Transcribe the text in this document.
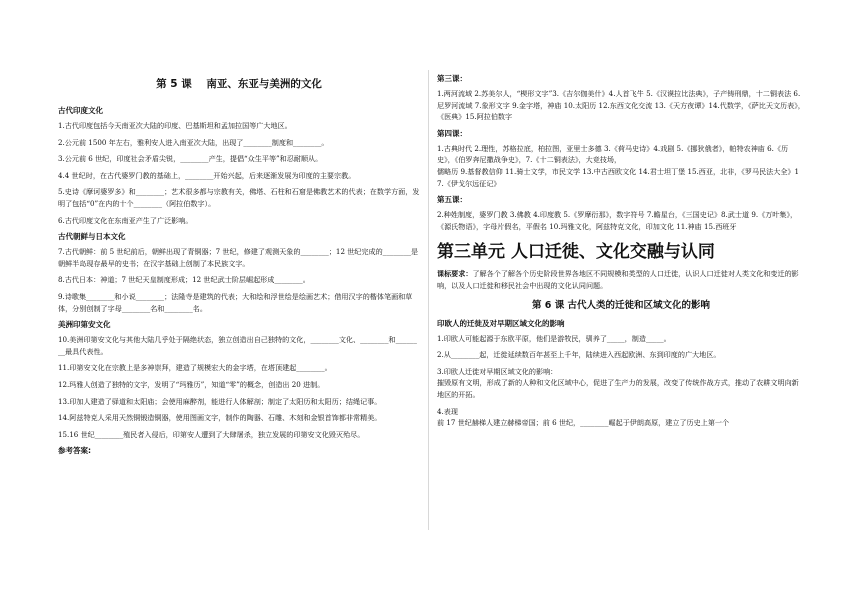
第 5 课    南亚、东亚与美洲的文化
古代印度文化
1.古代印度包括今天南亚次大陆的印度、巴基斯坦和孟加拉国等广大地区。
2.公元前 1500 年左右，雅利安人进入南亚次大陆，出现了________制度和________。
3.公元前 6 世纪，印度社会矛盾尖锐，________产生，提倡“众生平等”和忍耐顺从。
4.4 世纪时，在古代婆罗门教的基础上，________开始兴起，后来逐渐发展为印度的主要宗教。
5.史诗《摩诃婆罗多》和________；艺术很多都与宗教有关，佛塔、石柱和石窟是佛教艺术的代表；在数学方面，发明了包括“0”在内的十个________（阿拉伯数字）。
6.古代印度文化在东南亚产生了广泛影响。
古代朝鲜与日本文化
7.古代朝鲜：前 5 世纪前后，朝鲜出现了青铜器；7 世纪，修建了观测天象的________；12 世纪完成的________是朝鲜半岛现存最早的史书；在汉字基础上创制了本民族文字。
8.古代日本：神道；7 世纪天皇制度形成；12 世纪武士阶层崛起形成________。
9.诗歌集________和小说________；法隆寺是建筑的代表；大和绘和浮世绘是绘画艺术；借用汉字的楷体笔画和草体，分别创制了字母________名和________名。
美洲印第安文化
10.美洲印第安文化与其他大陆几乎处于隔绝状态，独立创造出自己独特的文化，________文化、________和________最具代表性。
11.印第安文化在宗教上是多神崇拜，建造了规模宏大的金字塔，在塔顶建起________。
12.玛雅人创造了独特的文字，发明了“玛雅历”，知道“零”的概念，创造出 20 进制。
13.印加人建造了驿道和太阳庙；会使用麻醉剂，能进行人体解剖；制定了太阳历和太阳历；结绳记事。
14.阿兹特克人采用天然铜锻造铜器，使用图画文字，制作的陶器、石雕、木刻和金银首饰都非常精美。
15.16 世纪________殖民者入侵后，印第安人遭到了大肆屠杀，独立发展的印第安文化毁灭殆尽。
参考答案:
第三课：
1.两河流域 2.苏美尔人，“楔形文字”3.《吉尔伽美什》4.人首飞牛 5.《汉谟拉比法典》，子产铸刑鼎，十二铜表法 6.尼罗河流域 7.象形文字 9.金字塔，神庙 10.太阳历 12.东西文化交流 13.《天方夜谭》14.代数学，《萨比天文历表》，《医典》15.阿拉伯数字
第四课：
1.古典时代 2.理性，苏格拉底，柏拉图，亚里士多德 3.《荷马史诗》4.戏剧 5.《挪狄俄者》，帕特农神庙 6.《历史》，《伯罗奔尼撒战争史》，7.《十二铜表法》，大竞技场，
儒略历 9.基督教信仰 11.骑士文学，市民文学 13.中古西欧文化 14.君士坦丁堡 15.西亚，北非，《罗马民法大全》17.《伊戈尔远征记》
第五课：
2.种姓制度，婆罗门教 3.佛教 4.印度教 5.《罗摩衍那》，数字符号 7.瞻星台，《三国史记》8.武士道 9.《万叶集》，《源氏物语》，字母片假名，平假名 10.玛雅文化，阿兹特克文化，印加文化 11.神庙 15.西班牙
第三单元 人口迁徙、文化交融与认同
课标要求：了解各个了解各个历史阶段世界各地区不同规模和类型的人口迁徙，认识人口迁徙对人类文化和变迁的影响，以及人口迁徙和移民社会中出现的文化认同问题。
第 6 课 古代人类的迁徙和区域文化的影响
印欧人的迁徙及对早期区域文化的影响
1.印欧人可能起源于东欧平原，他们是游牧民，驯养了_____，制造_____。
2.从________起，迁徙延续数百年甚至上千年，陆续进入西起欧洲、东到印度的广大地区。
3.印欧人迁徙对早期区域文化的影响：
摧毁原有文明，形成了新的人种和文化区域中心，促进了生产力的发展，改变了传统作战方式，推动了农耕文明向新地区的开拓。
4.表现
前 17 世纪赫梯人建立赫梯帝国；前 6 世纪，________崛起于伊朗高原，建立了历史上第一个
